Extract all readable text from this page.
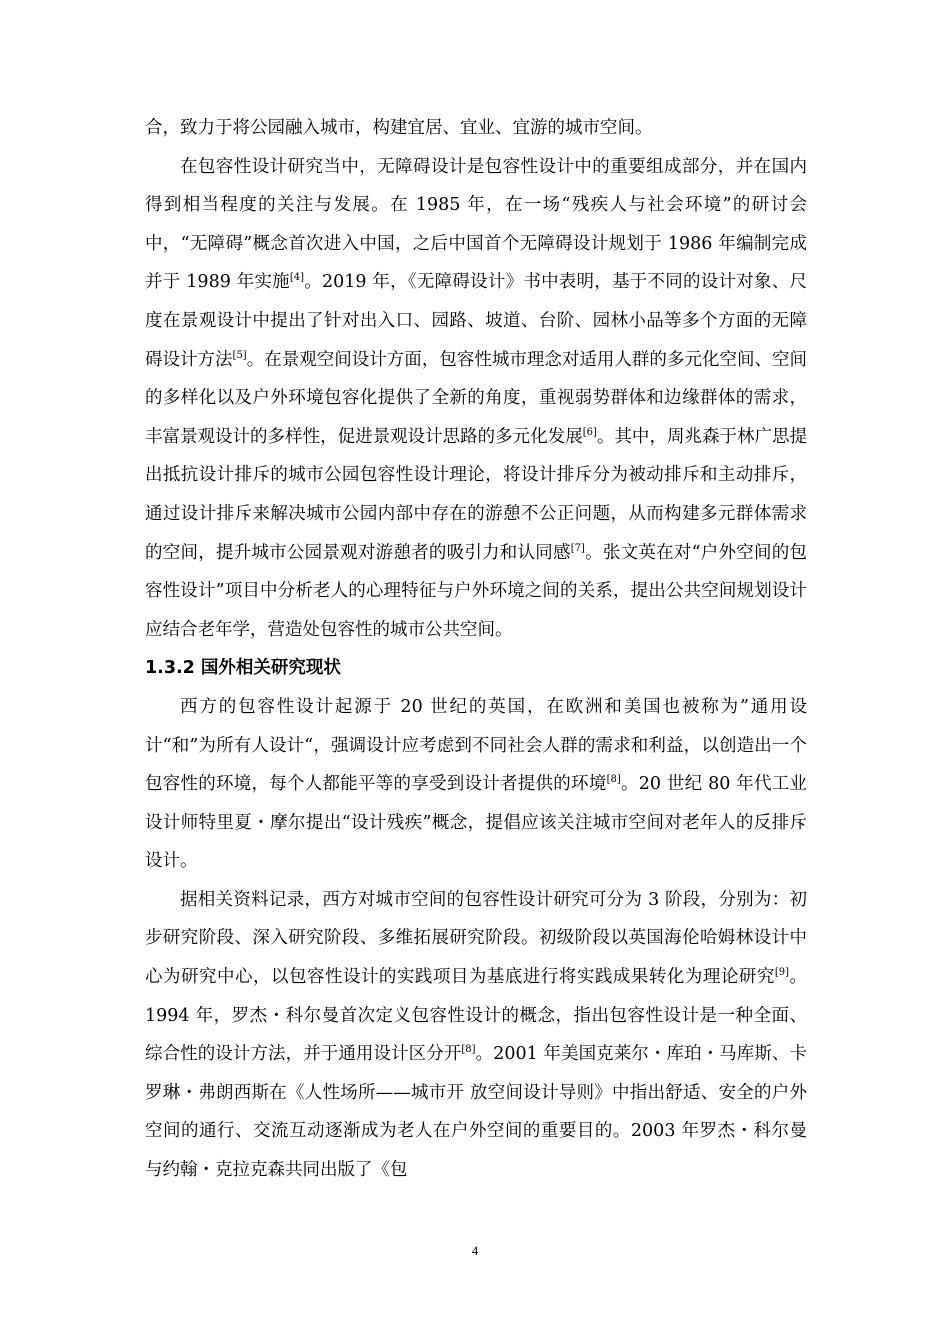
合，致力于将公园融入城市，构建宜居、宜业、宜游的城市空间。

在包容性设计研究当中，无障碍设计是包容性设计中的重要组成部分，并在国内得到相当程度的关注与发展。在 1985 年，在一场“残疾人与社会环境”的研讨会中，“无障碍”概念首次进入中国，之后中国首个无障碍设计规划于 1986 年编制完成并于 1989 年实施[4]。2019 年，《无障碍设计》书中表明，基于不同的设计对象、尺度在景观设计中提出了针对出入口、园路、坡道、台阶、园林小品等多个方面的无障碍设计方法[5]。在景观空间设计方面，包容性城市理念对适用人群的多元化空间、空间的多样化以及户外环境包容化提供了全新的角度，重视弱势群体和边缘群体的需求，丰富景观设计的多样性，促进景观设计思路的多元化发展[6]。其中，周兆森于林广思提出抵抗设计排斥的城市公园包容性设计理论，将设计排斥分为被动排斥和主动排斥，通过设计排斥来解决城市公园内部中存在的游憩不公正问题，从而构建多元群体需求的空间，提升城市公园景观对游憩者的吸引力和认同感[7]。张文英在对“户外空间的包容性设计”项目中分析老人的心理特征与户外环境之间的关系，提出公共空间规划设计应结合老年学，营造处包容性的城市公共空间。

1.3.2 国外相关研究现状

西方的包容性设计起源于 20 世纪的英国，在欧洲和美国也被称为”通用设计“和”为所有人设计“，强调设计应考虑到不同社会人群的需求和利益，以创造出一个包容性的环境，每个人都能平等的享受到设计者提供的环境[8]。20 世纪 80 年代工业设计师特里夏・摩尔提出“设计残疾”概念，提倡应该关注城市空间对老年人的反排斥设计。

据相关资料记录，西方对城市空间的包容性设计研究可分为 3 阶段，分别为：初步研究阶段、深入研究阶段、多维拓展研究阶段。初级阶段以英国海伦哈姆林设计中心为研究中心，以包容性设计的实践项目为基底进行将实践成果转化为理论研究[9]。1994 年，罗杰・科尔曼首次定义包容性设计的概念，指出包容性设计是一种全面、综合性的设计方法，并于通用设计区分开[8]。2001 年美国克莱尔・库珀・马库斯、卡罗琳・弗朗西斯在《人性场所——城市开 放空间设计导则》中指出舒适、安全的户外空间的通行、交流互动逐渐成为老人在户外空间的重要目的。2003 年罗杰・科尔曼与约翰・克拉克森共同出版了《包

4
